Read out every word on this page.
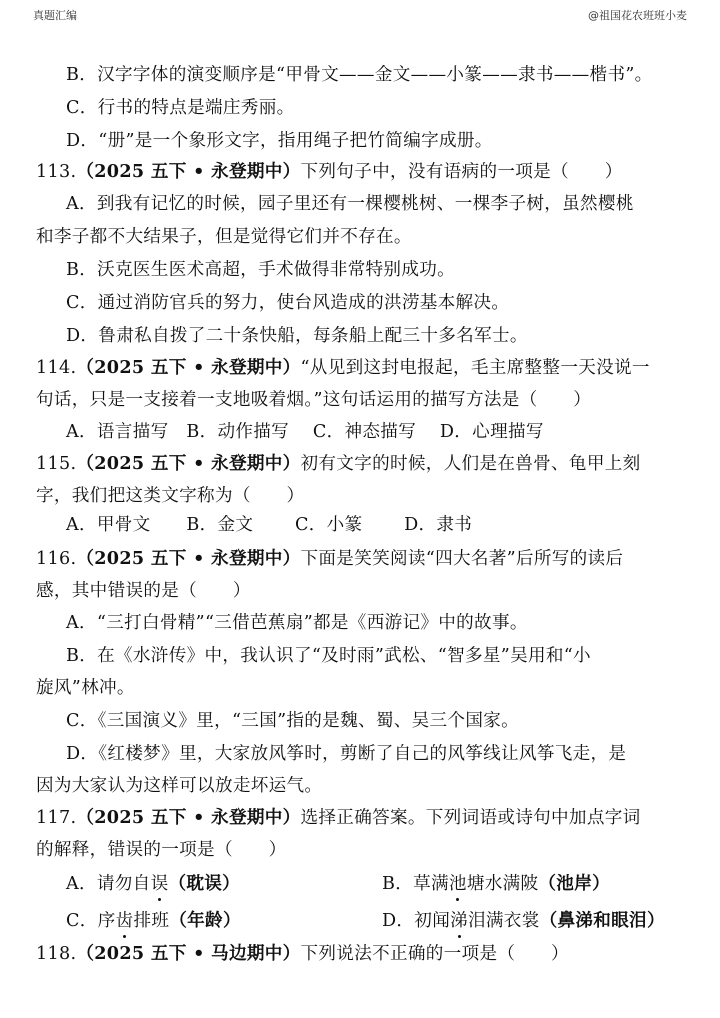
真题汇编	@祖国花农班班小麦
B．汉字字体的演变顺序是“甲骨文——金文——小篆——隶书——楷书”。
C．行书的特点是端庄秀丽。
D．“册”是一个象形文字，指用绳子把竹简编字成册。
113.（2025 五下 • 永登期中）下列句子中，没有语病的一项是（　　）
A．到我有记忆的时候，园子里还有一棵樱桃树、一棵李子树，虽然樱桃
和李子都不大结果子，但是觉得它们并不存在。
B．沃克医生医术高超，手术做得非常特别成功。
C．通过消防官兵的努力，使台风造成的洪涝基本解决。
D．鲁肃私自拨了二十条快船，每条船上配三十多名军士。
114.（2025 五下 • 永登期中）“从见到这封电报起，毛主席整整一天没说一
句话，只是一支接着一支地吸着烟。”这句话运用的描写方法是（　　）
A．语言描写　B．动作描写　 C．神态描写　 D．心理描写
115.（2025 五下 • 永登期中）初有文字的时候，人们是在兽骨、龟甲上刻
字，我们把这类文字称为（　　）
A．甲骨文　　B．金文　　 C．小篆　　 D．隶书
116.（2025 五下 • 永登期中）下面是笑笑阅读“四大名著”后所写的读后
感，其中错误的是（　　）
A．“三打白骨精”“三借芭蕉扇”都是《西游记》中的故事。
B．在《水浒传》中，我认识了“及时雨”武松、“智多星”吴用和“小
旋风”林冲。
C．《三国演义》里，“三国”指的是魏、蜀、吴三个国家。
D．《红楼梦》里，大家放风筝时，剪断了自己的风筝线让风筝飞走，是
因为大家认为这样可以放走坏运气。
117.（2025 五下 • 永登期中）选择正确答案。下列词语或诗句中加点字词
的解释，错误的一项是（　　）
A．请勿自误（耽误）	B．草满池塘水满陂（池岸）
C．序齿排班（年龄）	D．初闻涕泪满衣裳（鼻涕和眼泪）
118.（2025 五下 • 马边期中）下列说法不正确的一项是（　　）
